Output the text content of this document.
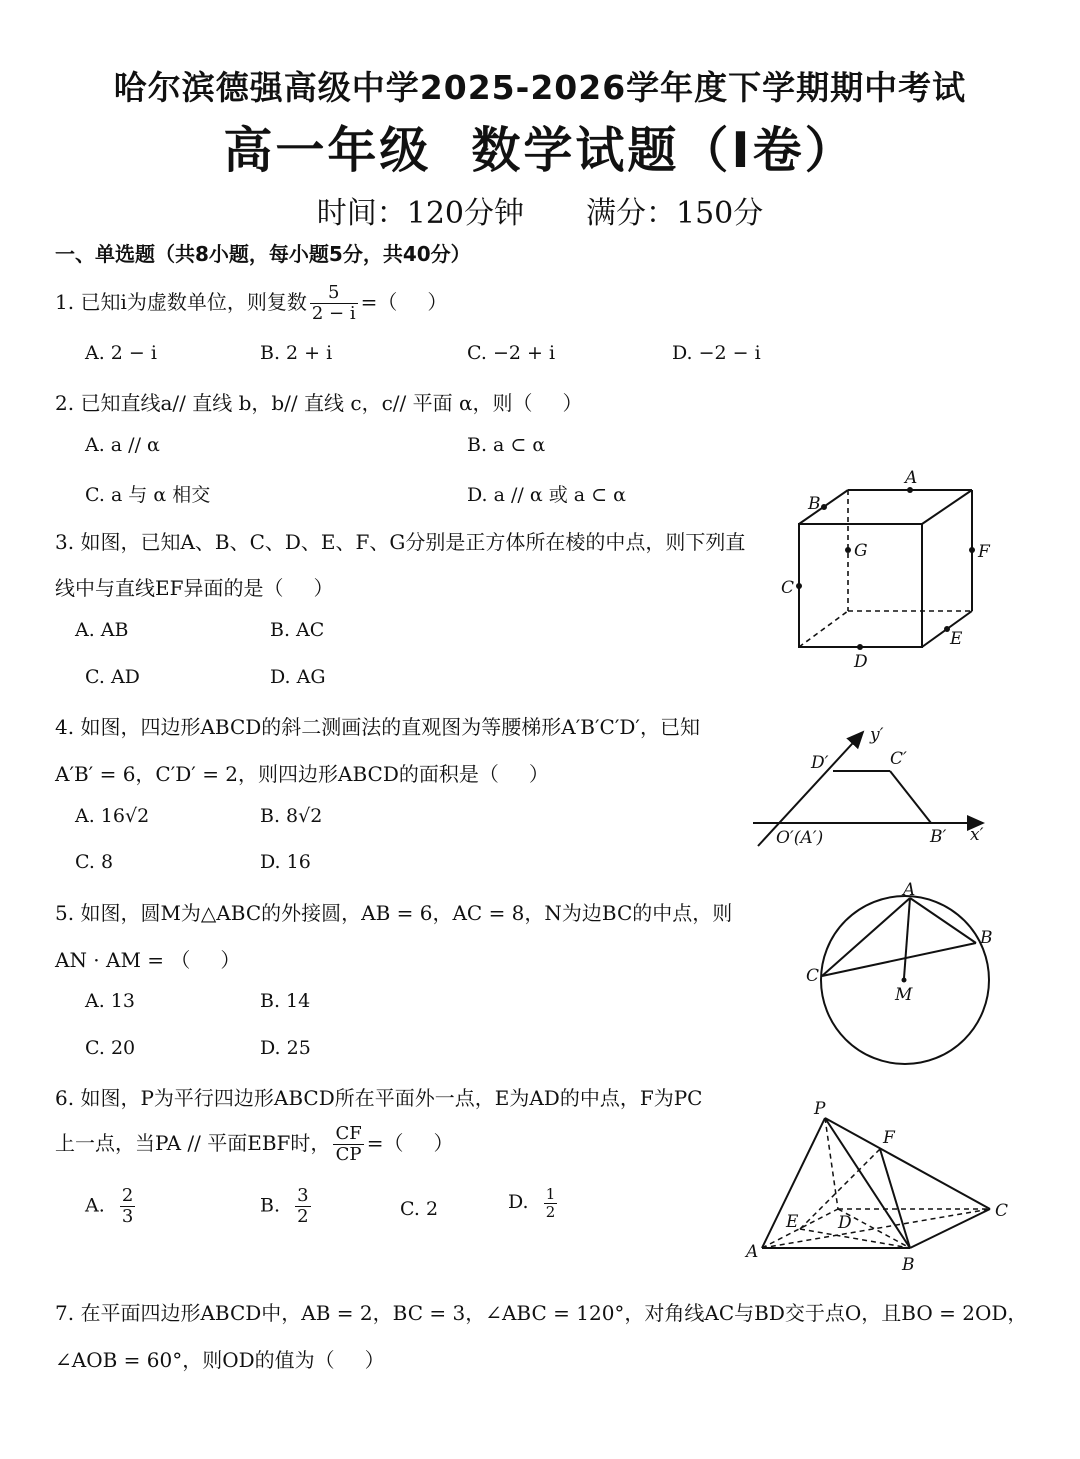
哈尔滨德强高级中学2025-2026学年度下学期期中考试
高一年级 数学试题（Ⅰ卷）
时间：120分钟 满分：150分
一、单选题（共8小题，每小题5分，共40分）
1. 已知i为虚数单位，则复数 $\frac{5}{2 - i}$ =（ ）
A. 2 − i	B. 2 + i	C. −2 + i	D. −2 − i
2. 已知直线a// 直线 b，b// 直线 c，c// 平面 α，则（ ）
A. a // α	B. a ⊂ α
C. a 与 α 相交	D. a // α 或 a ⊂ α
3. 如图，已知A、B、C、D、E、F、G分别是正方体所在棱的中点，则下列直
线中与直线EF异面的是（ ）
A. AB	B. AC
C. AD	D. AG
A
B
C
D
E
F
G
4. 如图，四边形ABCD的斜二测画法的直观图为等腰梯形A′B′C′D′，已知
A′B′ = 6，C′D′ = 2，则四边形ABCD的面积是（ ）
A. 16√2	B. 8√2
C. 8	D. 16
y′
D′	C′
O′(A′)	B′ x′
5. 如图，圆M为△ABC的外接圆，AB = 6，AC = 8，N为边BC的中点，则
AN · AM = （ ）
A. 13	B. 14
C. 20	D. 25
A
B
C
M
6. 如图，P为平行四边形ABCD所在平面外一点，E为AD的中点，F为PC
上一点，当PA // 平面EBF时， $\frac{CF}{CP}$ =（ ）
A. $\frac{2}{3}$	B. $\frac{3}{2}$	C. 2	D. $\frac{1}{2}$
P
F
E D
C
A
B
7. 在平面四边形ABCD中，AB = 2，BC = 3，∠ABC = 120°，对角线AC与BD交于点O，且BO = 2OD，
∠AOB = 60°，则OD的值为（ ）
